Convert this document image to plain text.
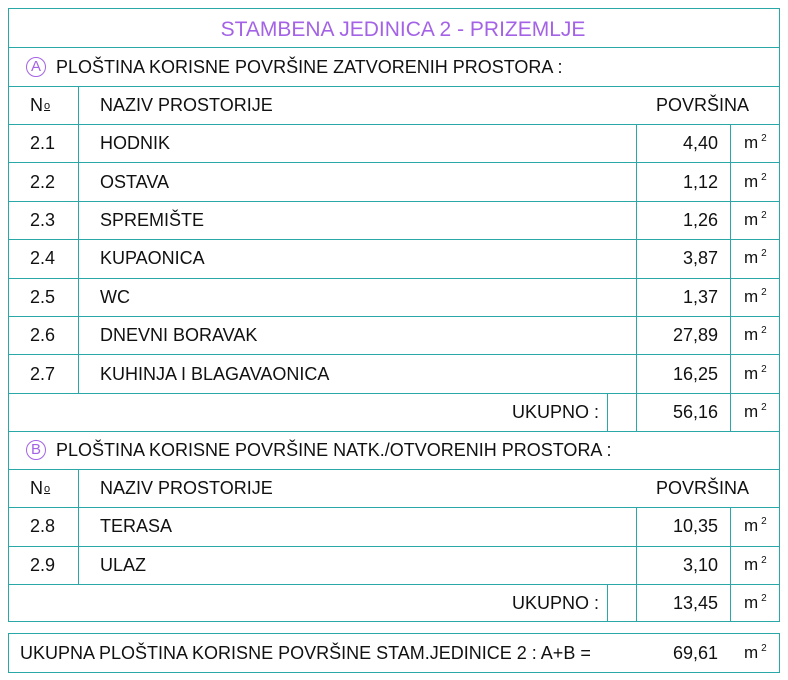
STAMBENA JEDINICA 2 - PRIZEMLJE
A PLOŠTINA KORISNE POVRŠINE ZATVORENIH PROSTORA :
$N^o$	NAZIV PROSTORIJE	POVRŠINA
2.1 HODNIK	4,40 m $^2$
2.2 OSTAVA	1,12 m $^2$
2.3 SPREMIŠTE	1,26 m $^2$
2.4 KUPAONICA	3,87 m $^2$
2.5 WC	1,37 m $^2$
2.6 DNEVNI BORAVAK	27,89 m $^2$
2.7 KUHINJA I BLAGAVAONICA	16,25 m $^2$
UKUPNO :	56,16 m $^2$
B PLOŠTINA KORISNE POVRŠINE NATK./OTVORENIH PROSTORA :
$N^o$	NAZIV PROSTORIJE	POVRŠINA
2.8 TERASA	10,35 m $^2$
2.9 ULAZ	3,10 m $^2$
UKUPNO :	13,45 m $^2$
UKUPNA PLOŠTINA KORISNE POVRŠINE STAM.JEDINICE 2 : A+B =	69,61 m $^2$
